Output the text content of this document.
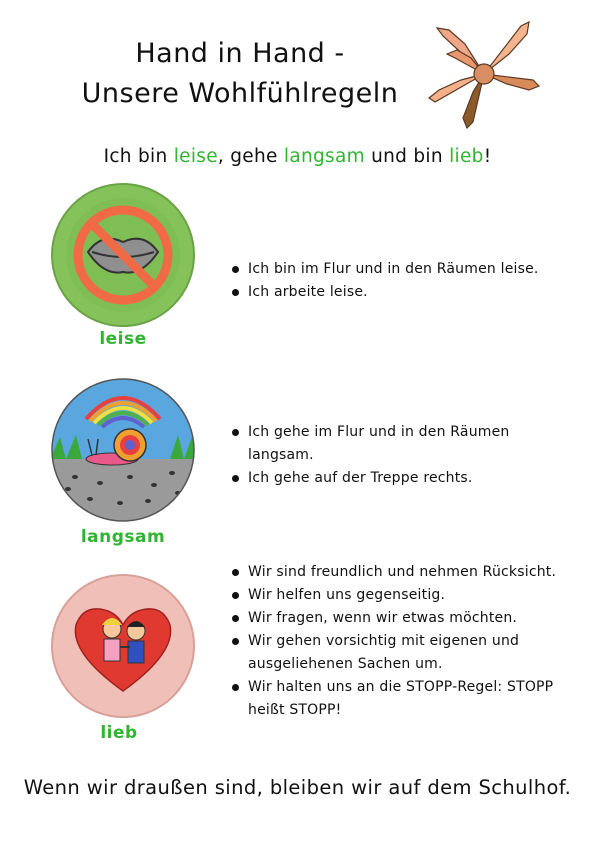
Hand in Hand -
Unsere Wohlfühlregeln
Ich bin leise, gehe langsam und bin lieb!
leise
Ich bin im Flur und in den Räumen leise.
Ich arbeite leise.
langsam
Ich gehe im Flur und in den Räumen langsam.
Ich gehe auf der Treppe rechts.
lieb
Wir sind freundlich und nehmen Rücksicht.
Wir helfen uns gegenseitig.
Wir fragen, wenn wir etwas möchten.
Wir gehen vorsichtig mit eigenen und ausgeliehenen Sachen um.
Wir halten uns an die STOPP-Regel: STOPP heißt STOPP!
Wenn wir draußen sind, bleiben wir auf dem Schulhof.
